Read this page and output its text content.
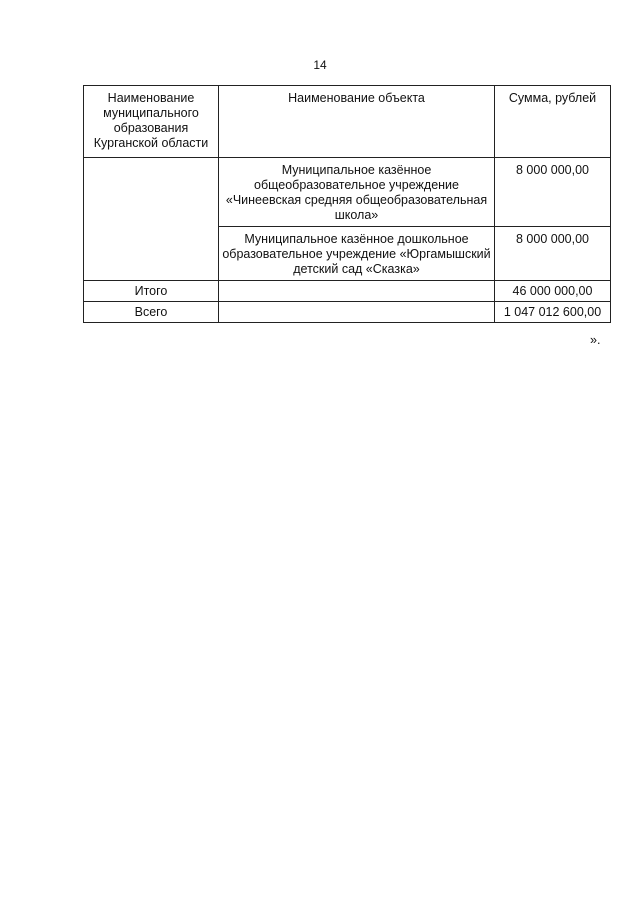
14
Наименование муниципального образования Курганской области	Наименование объекта	Сумма, рублей
	Муниципальное казённое общеобразовательное учреждение «Чинеевская средняя общеобразовательная школа»	8 000 000,00
	Муниципальное казённое дошкольное образовательное учреждение «Юргамышский детский сад «Сказка»	8 000 000,00
Итого		46 000 000,00
Всего		1 047 012 600,00
».
